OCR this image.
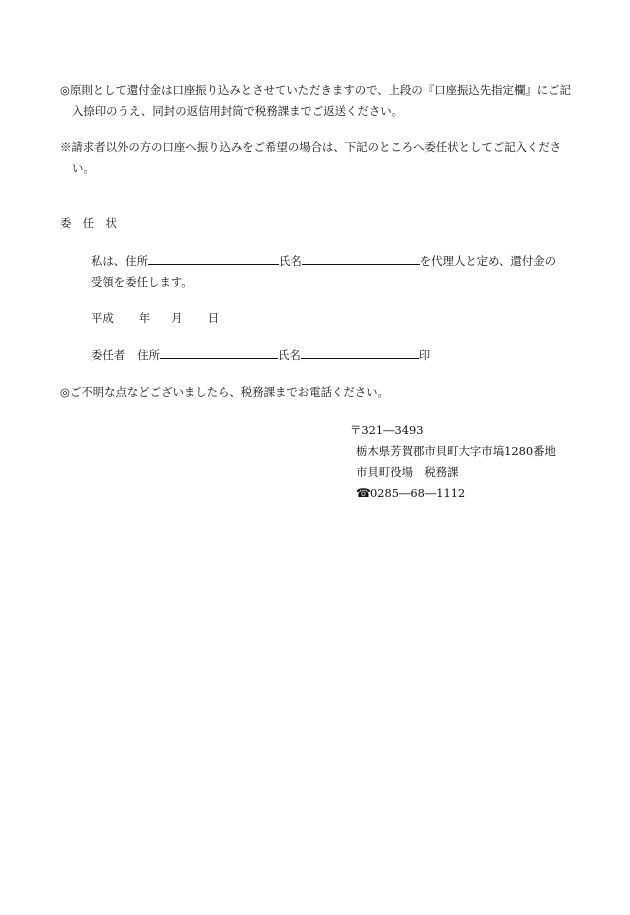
◎原則として還付金は口座振り込みとさせていただきますので、上段の『口座振込先指定欄』にご記入捺印のうえ、同封の返信用封筒で税務課までご返送ください。

※請求者以外の方の口座へ振り込みをご希望の場合は、下記のところへ委任状としてご記入ください。

委　任　状
私は、住所	氏名	を代理人と定め、還付金の
受領を委任します。
平成 年 月 日
委任者 住所	氏名	印
◎ご不明な点などございましたら、税務課までお電話ください。
〒321―3493
栃木県芳賀郡市貝町大字市塙1280番地
市貝町役場　税務課
☎0285―68―1112
